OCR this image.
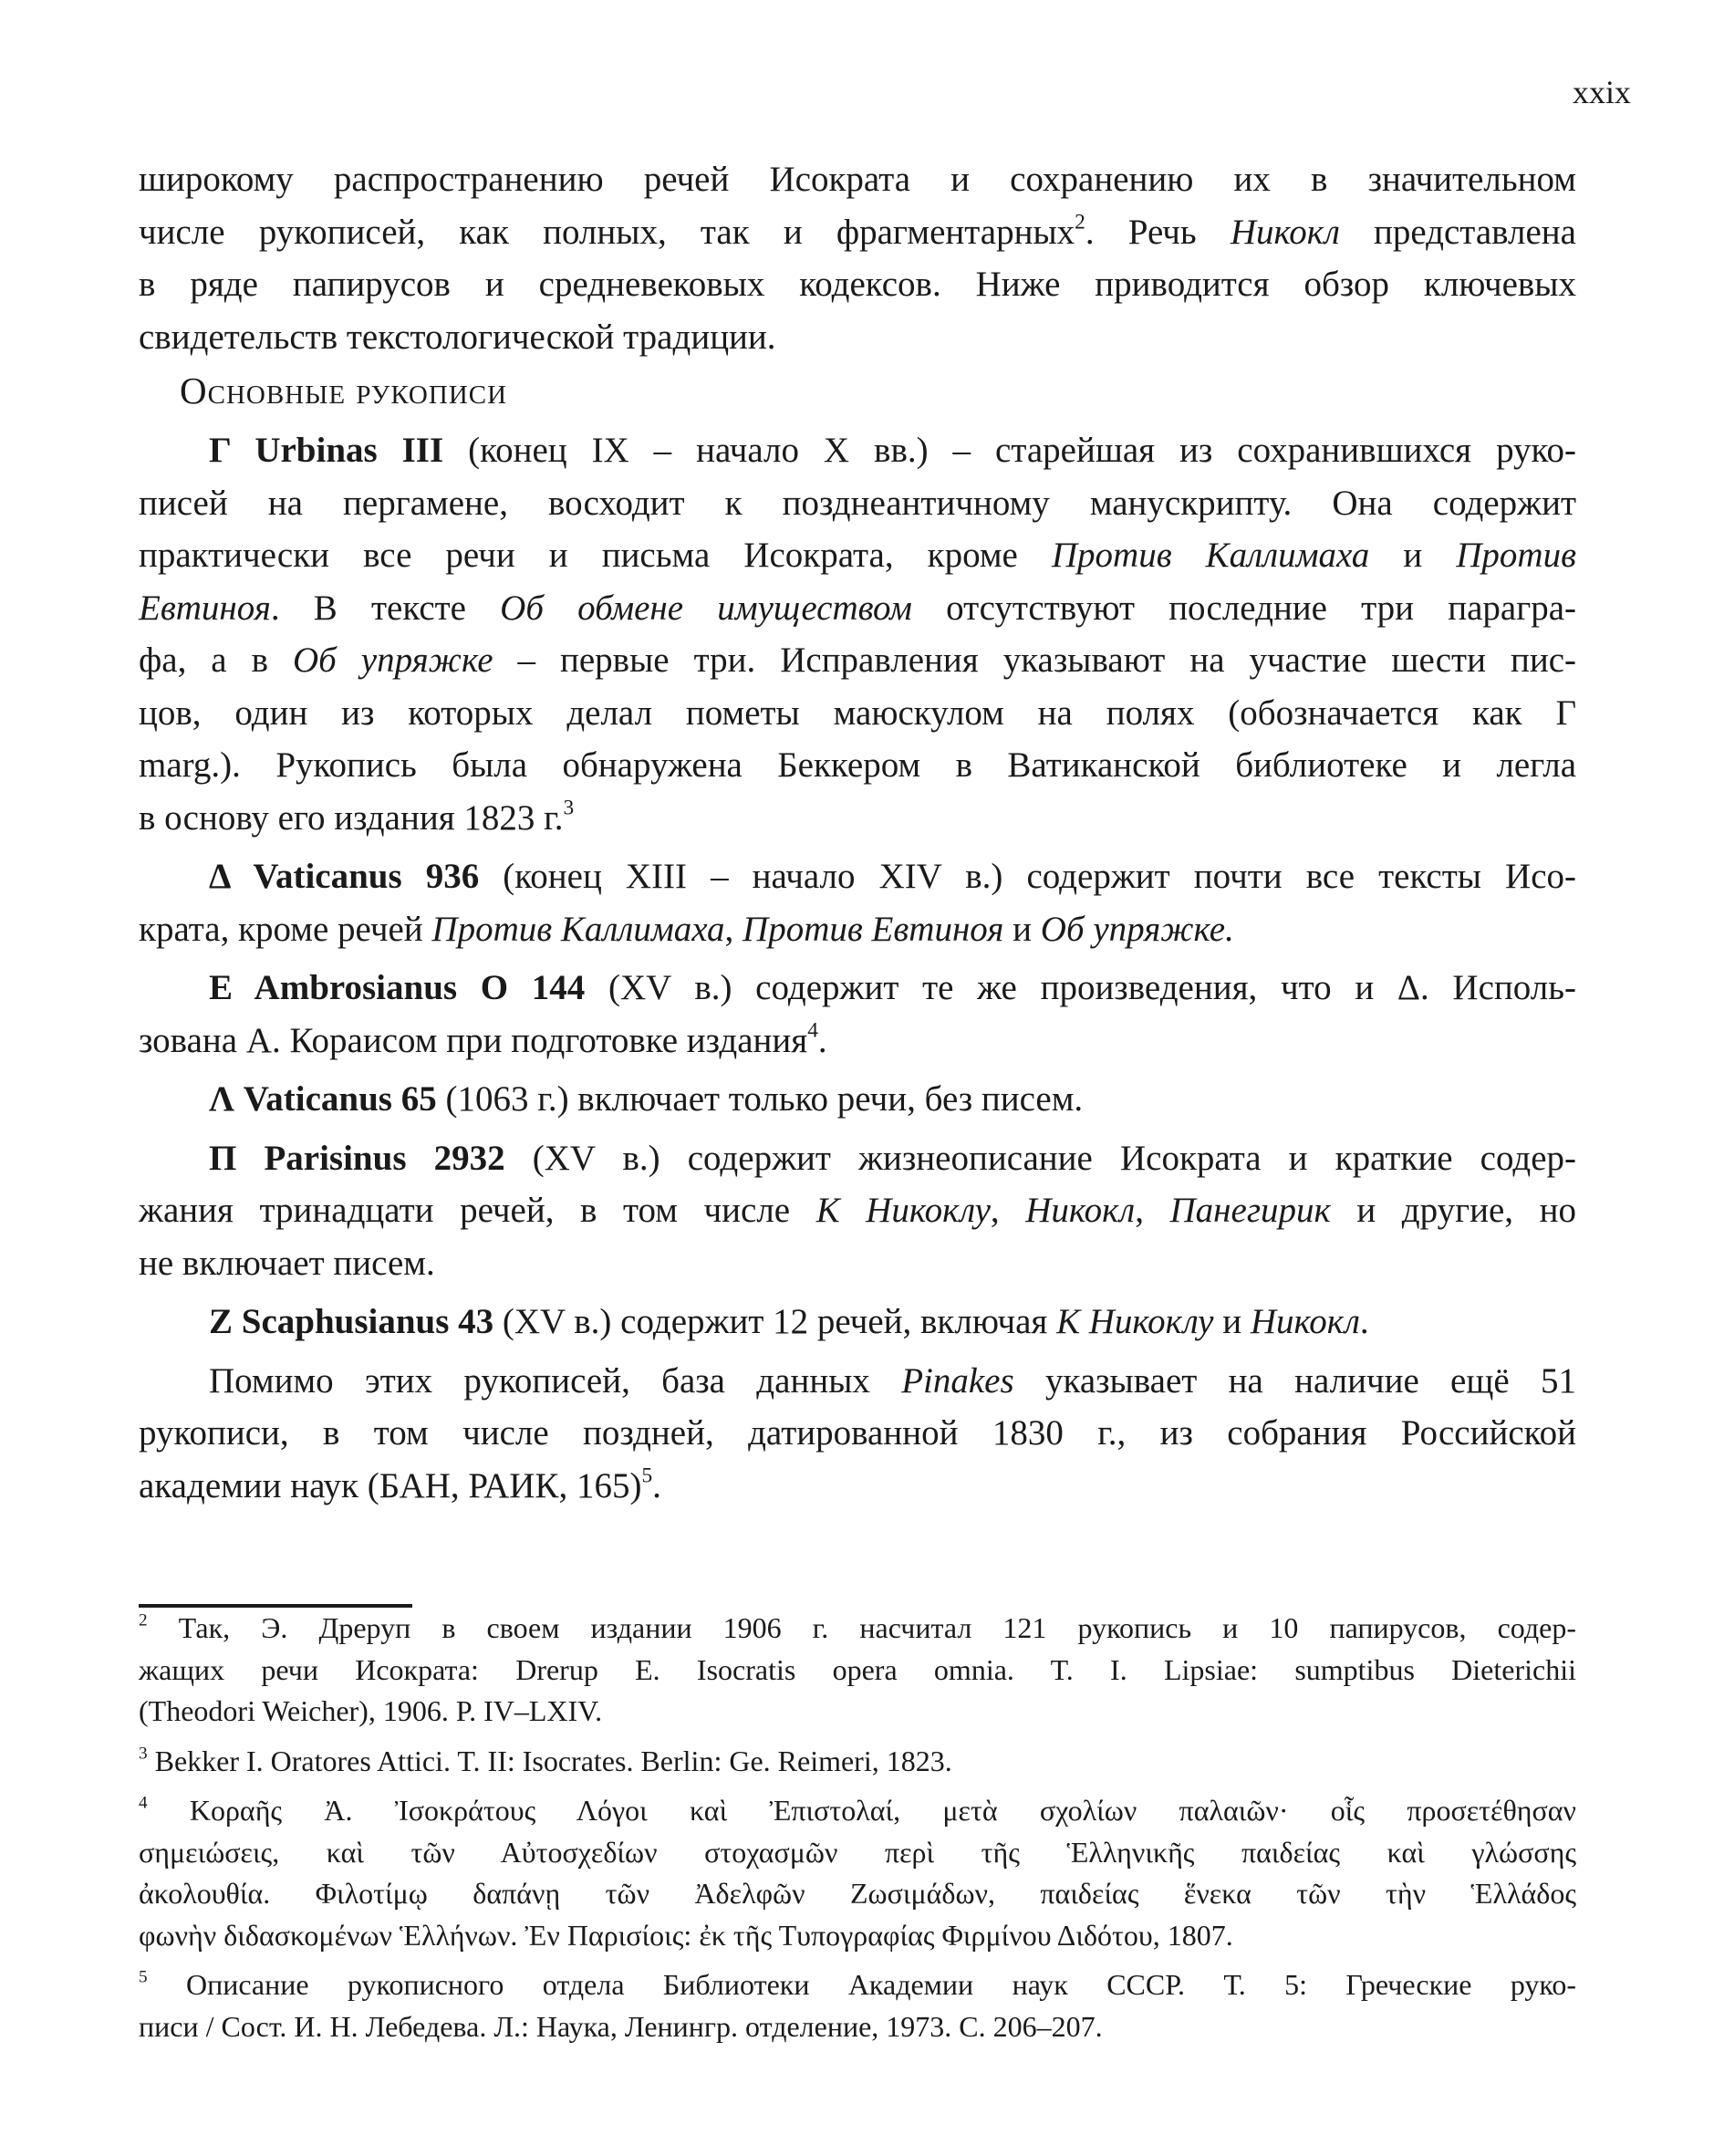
xxix
широкому распространению речей Исократа и сохранению их в значительном
числе рукописей, как полных, так и фрагментарных$^2$. Речь Никокл представлена
в ряде папирусов и средневековых кодексов. Ниже приводится обзор ключевых
свидетельств текстологической традиции.
Основные рукописи
Γ Urbinas III (конец IX – начало X вв.) – старейшая из сохранившихся руко-
писей на пергамене, восходит к позднеантичному манускрипту. Она содержит
практически все речи и письма Исократа, кроме Против Каллимаха и Против
Евтиноя. В тексте Об обмене имуществом отсутствуют последние три парагра-
фа, а в Об упряжке – первые три. Исправления указывают на участие шести пис-
цов, один из которых делал пометы маюскулом на полях (обозначается как Γ
marg.). Рукопись была обнаружена Беккером в Ватиканской библиотеке и легла
в основу его издания 1823 г.$^3$
Δ Vaticanus 936 (конец XIII – начало XIV в.) содержит почти все тексты Исо-
крата, кроме речей Против Каллимаха, Против Евтиноя и Об упряжке.
E Ambrosianus O 144 (XV в.) содержит те же произведения, что и Δ. Исполь-
зована А. Кораисом при подготовке издания$^4$.
Λ Vaticanus 65 (1063 г.) включает только речи, без писем.
Π Parisinus 2932 (XV в.) содержит жизнеописание Исократа и краткие содер-
жания тринадцати речей, в том числе К Никоклу, Никокл, Панегирик и другие, но
не включает писем.
Z Scaphusianus 43 (XV в.) содержит 12 речей, включая К Никоклу и Никокл.
Помимо этих рукописей, база данных Pinakes указывает на наличие ещё 51
рукописи, в том числе поздней, датированной 1830 г., из собрания Российской
академии наук (БАН, РАИК, 165)$^5$.
$^2$ Так, Э. Дреруп в своем издании 1906 г. насчитал 121 рукопись и 10 папирусов, содер-
жащих речи Исократа: Drerup E. Isocratis opera omnia. T. I. Lipsiae: sumptibus Dieterichii
(Theodori Weicher), 1906. P. IV–LXIV.
$^3$ Bekker I. Oratores Attici. T. II: Isocrates. Berlin: Ge. Reimeri, 1823.
$^4$ Κοραῆς Ἀ. Ἰσοκράτους Λόγοι καὶ Ἐπιστολαί, μετὰ σχολίων παλαιῶν· οἷς προσετέθησαν
σημειώσεις, καὶ τῶν Αὐτοσχεδίων στοχασμῶν περὶ τῆς Ἑλληνικῆς παιδείας καὶ γλώσσης
ἀκολουθία. Φιλοτίμῳ δαπάνῃ τῶν Ἀδελφῶν Ζωσιμάδων, παιδείας ἕνεκα τῶν τὴν Ἑλλάδος
φωνὴν διδασκομένων Ἑλλήνων. Ἐν Παρισίοις: ἐκ τῆς Τυπογραφίας Φιρμίνου Διδότου, 1807.
$^5$ Описание рукописного отдела Библиотеки Академии наук СССР. Т. 5: Греческие руко-
писи / Сост. И. Н. Лебедева. Л.: Наука, Ленингр. отделение, 1973. С. 206–207.
